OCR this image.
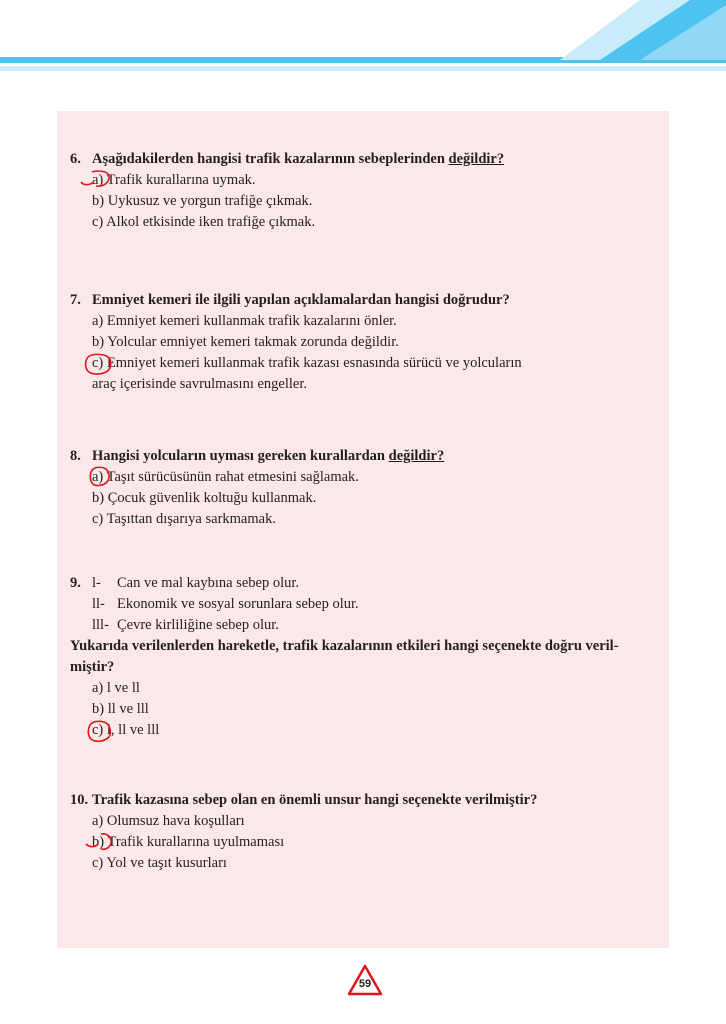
6. Aşağıdakilerden hangisi trafik kazalarının sebeplerinden değildir?

a) Trafik kurallarına uymak.

b) Uykusuz ve yorgun trafiğe çıkmak.

c) Alkol etkisinde iken trafiğe çıkmak.

7. Emniyet kemeri ile ilgili yapılan açıklamalardan hangisi doğrudur?

a) Emniyet kemeri kullanmak trafik kazalarını önler.

b) Yolcular emniyet kemeri takmak zorunda değildir.

c) Emniyet kemeri kullanmak trafik kazası esnasında sürücü ve yolcuların

araç içerisinde savrulmasını engeller.

8. Hangisi yolcuların uyması gereken kurallardan değildir?

a) Taşıt sürücüsünün rahat etmesini sağlamak.

b) Çocuk güvenlik koltuğu kullanmak.

c) Taşıttan dışarıya sarkmamak.

9. l-	Can ve mal kaybına sebep olur.

ll- Ekonomik ve sosyal sorunlara sebep olur.

lll- Çevre kirliliğine sebep olur.

Yukarıda verilenlerden hareketle, trafik kazalarının etkileri hangi seçenekte doğru veril-

miştir?

a) l ve ll

b) ll ve lll

c) l, ll ve lll

10. Trafik kazasına sebep olan en önemli unsur hangi seçenekte verilmiştir?

a) Olumsuz hava koşulları

b) Trafik kurallarına uyulmaması

c) Yol ve taşıt kusurları

59
